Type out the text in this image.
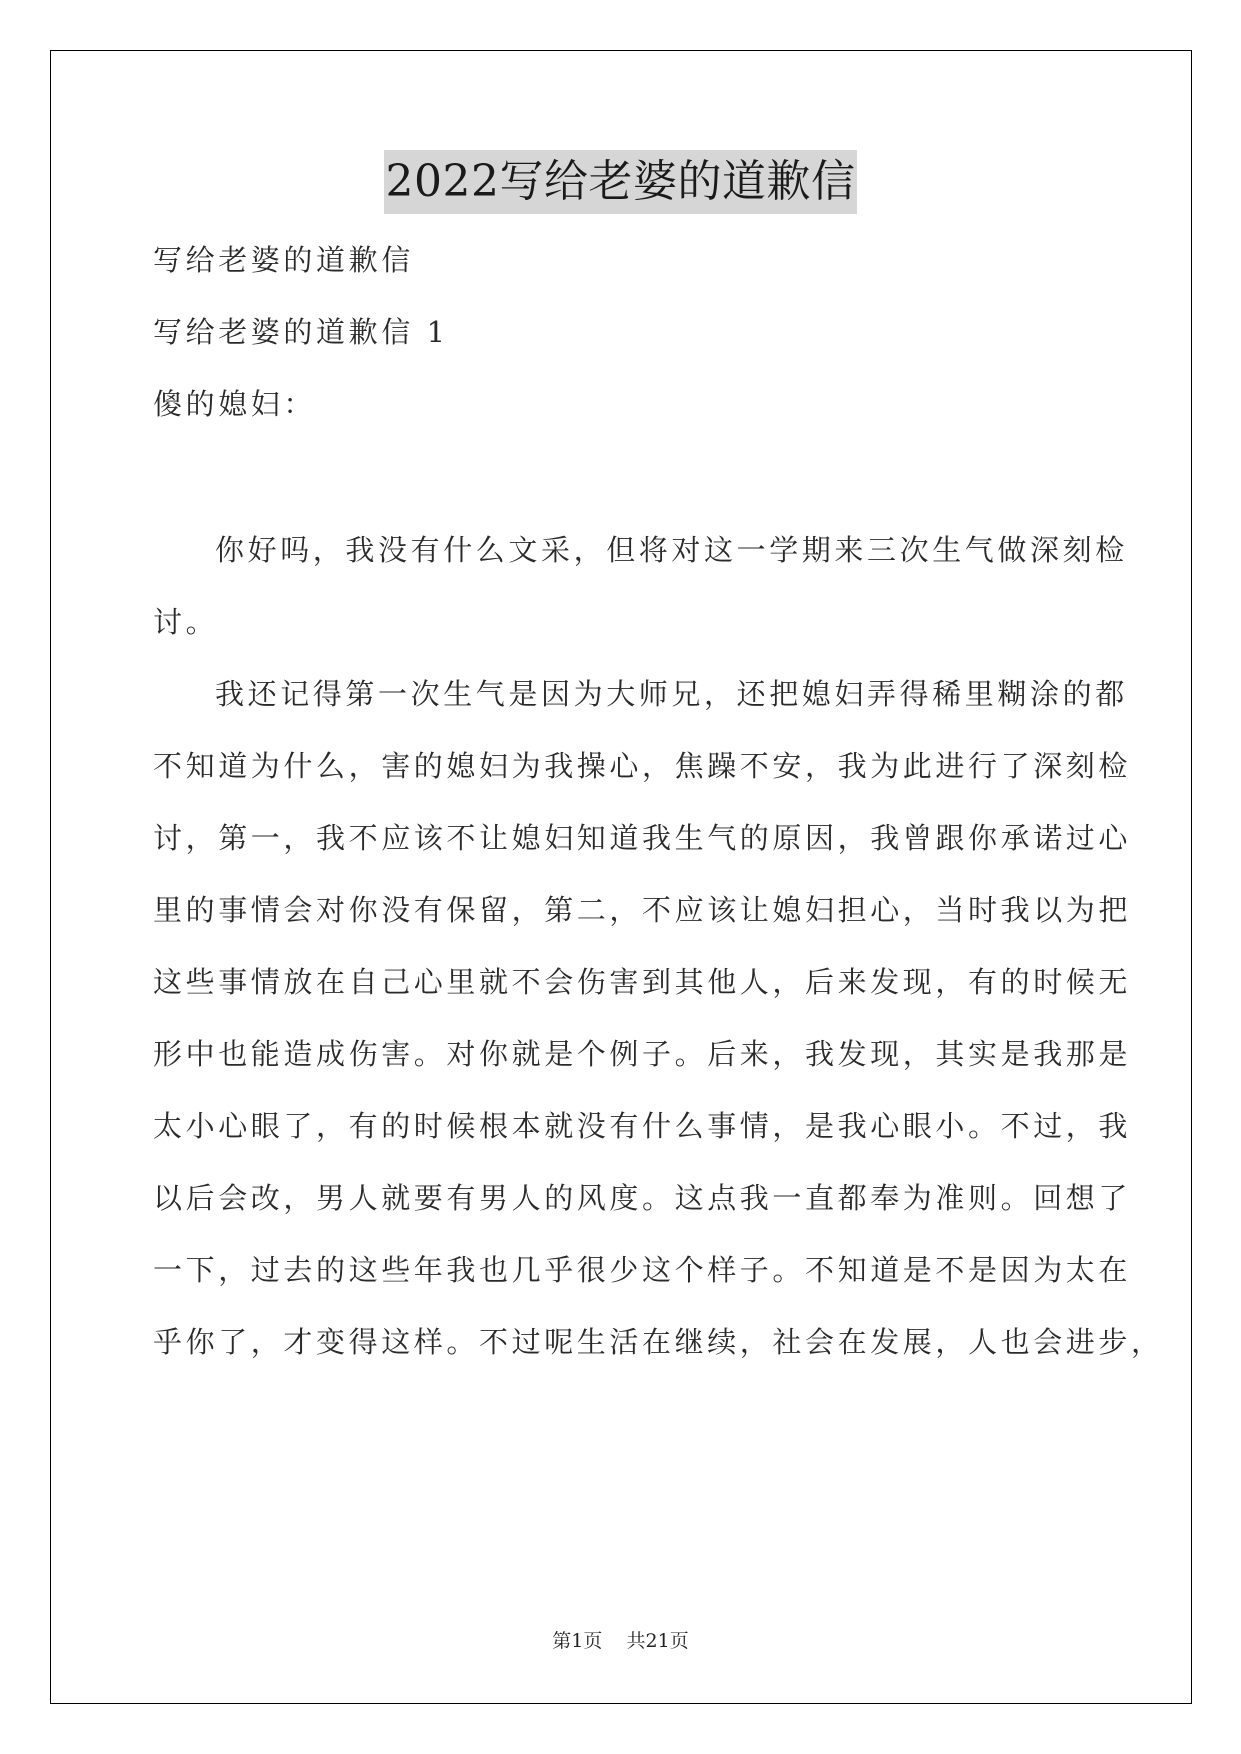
2022写给老婆的道歉信
写给老婆的道歉信
写给老婆的道歉信 1
傻的媳妇：
你好吗，我没有什么文采，但将对这一学期来三次生气做深刻检
讨。
我还记得第一次生气是因为大师兄，还把媳妇弄得稀里糊涂的都
不知道为什么，害的媳妇为我操心，焦躁不安，我为此进行了深刻检
讨，第一，我不应该不让媳妇知道我生气的原因，我曾跟你承诺过心
里的事情会对你没有保留，第二，不应该让媳妇担心，当时我以为把
这些事情放在自己心里就不会伤害到其他人，后来发现，有的时候无
形中也能造成伤害。对你就是个例子。后来，我发现，其实是我那是
太小心眼了，有的时候根本就没有什么事情，是我心眼小。不过，我
以后会改，男人就要有男人的风度。这点我一直都奉为准则。回想了
一下，过去的这些年我也几乎很少这个样子。不知道是不是因为太在
乎你了，才变得这样。不过呢生活在继续，社会在发展，人也会进步，
第1页 共21页
